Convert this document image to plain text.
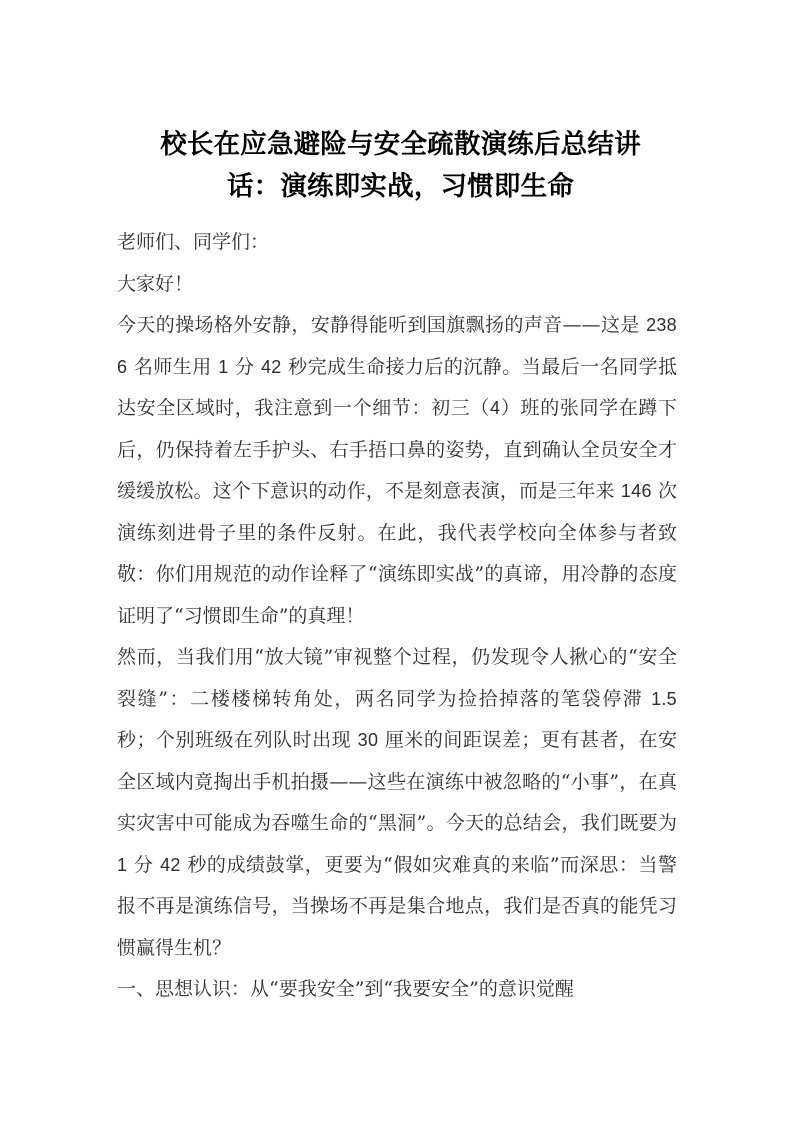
校长在应急避险与安全疏散演练后总结讲
话：演练即实战，习惯即生命

老师们、同学们：

大家好！

今天的操场格外安静，安静得能听到国旗飘扬的声音——这是 2386 名师生用 1 分 42 秒完成生命接力后的沉静。当最后一名同学抵达安全区域时，我注意到一个细节：初三（4）班的张同学在蹲下后，仍保持着左手护头、右手捂口鼻的姿势，直到确认全员安全才缓缓放松。这个下意识的动作，不是刻意表演，而是三年来 146 次演练刻进骨子里的条件反射。在此，我代表学校向全体参与者致敬：你们用规范的动作诠释了“演练即实战”的真谛，用冷静的态度证明了“习惯即生命”的真理！

然而，当我们用“放大镜”审视整个过程，仍发现令人揪心的“安全裂缝”：二楼楼梯转角处，两名同学为捡拾掉落的笔袋停滞 1.5 秒；个别班级在列队时出现 30 厘米的间距误差；更有甚者，在安全区域内竟掏出手机拍摄——这些在演练中被忽略的“小事”，在真实灾害中可能成为吞噬生命的“黑洞”。今天的总结会，我们既要为 1 分 42 秒的成绩鼓掌，更要为“假如灾难真的来临”而深思：当警报不再是演练信号，当操场不再是集合地点，我们是否真的能凭习惯赢得生机？

一、思想认识：从“要我安全”到“我要安全”的意识觉醒
